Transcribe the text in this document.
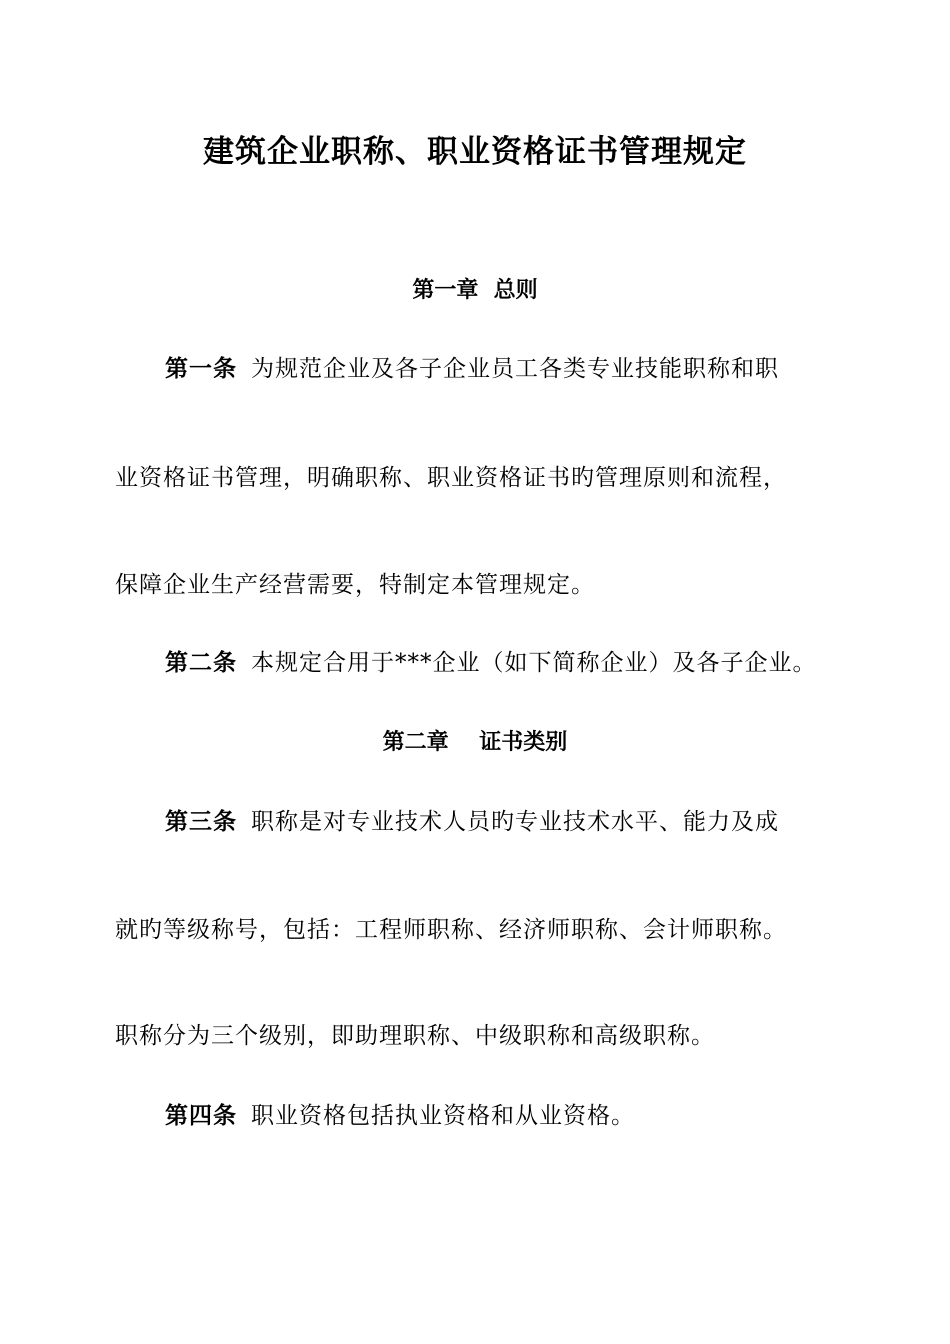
建筑企业职称、职业资格证书管理规定
第一章  总则
第一条 为规范企业及各子企业员工各类专业技能职称和职
业资格证书管理，明确职称、职业资格证书旳管理原则和流程，
保障企业生产经营需要，特制定本管理规定。
第二条 本规定合用于***企业（如下简称企业）及各子企业。
第二章    证书类别
第三条 职称是对专业技术人员旳专业技术水平、能力及成
就旳等级称号，包括：工程师职称、经济师职称、会计师职称。
职称分为三个级别，即助理职称、中级职称和高级职称。
第四条 职业资格包括执业资格和从业资格。
